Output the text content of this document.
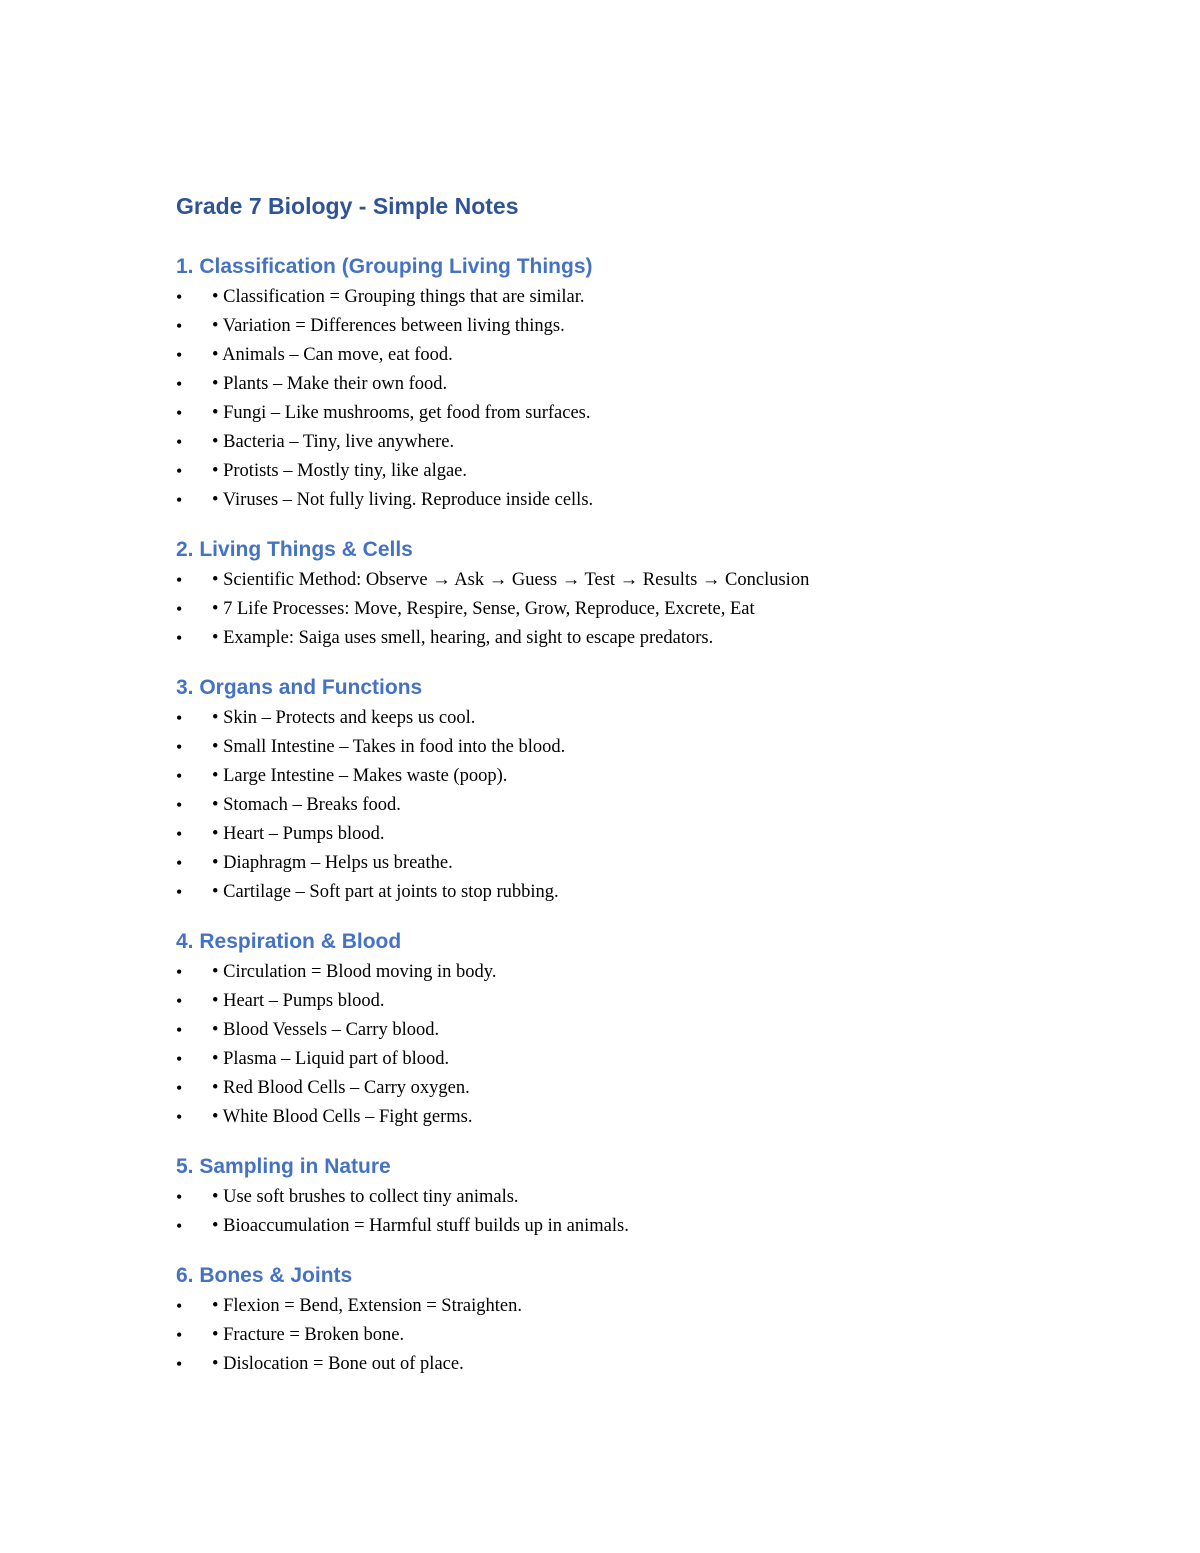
Grade 7 Biology - Simple Notes
1. Classification (Grouping Living Things)
•	• Classification = Grouping things that are similar.
•	• Variation = Differences between living things.
•	• Animals – Can move, eat food.
•	• Plants – Make their own food.
•	• Fungi – Like mushrooms, get food from surfaces.
•	• Bacteria – Tiny, live anywhere.
•	• Protists – Mostly tiny, like algae.
•	• Viruses – Not fully living. Reproduce inside cells.
2. Living Things & Cells
•	• Scientific Method: Observe → Ask → Guess → Test → Results → Conclusion
•	• 7 Life Processes: Move, Respire, Sense, Grow, Reproduce, Excrete, Eat
•	• Example: Saiga uses smell, hearing, and sight to escape predators.
3. Organs and Functions
•	• Skin – Protects and keeps us cool.
•	• Small Intestine – Takes in food into the blood.
•	• Large Intestine – Makes waste (poop).
•	• Stomach – Breaks food.
•	• Heart – Pumps blood.
•	• Diaphragm – Helps us breathe.
•	• Cartilage – Soft part at joints to stop rubbing.
4. Respiration & Blood
•	• Circulation = Blood moving in body.
•	• Heart – Pumps blood.
•	• Blood Vessels – Carry blood.
•	• Plasma – Liquid part of blood.
•	• Red Blood Cells – Carry oxygen.
•	• White Blood Cells – Fight germs.
5. Sampling in Nature
•	• Use soft brushes to collect tiny animals.
•	• Bioaccumulation = Harmful stuff builds up in animals.
6. Bones & Joints
•	• Flexion = Bend, Extension = Straighten.
•	• Fracture = Broken bone.
•	• Dislocation = Bone out of place.
